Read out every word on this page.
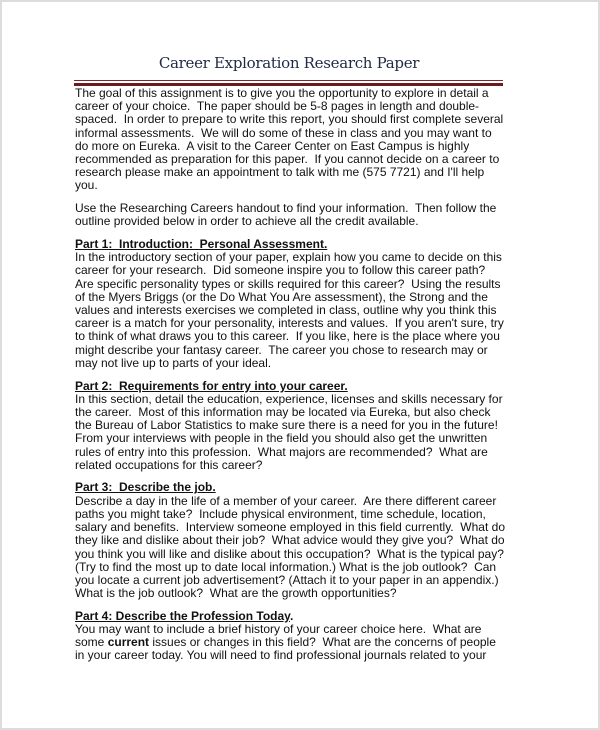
Career Exploration Research Paper

The goal of this assignment is to give you the opportunity to explore in detail a
career of your choice.  The paper should be 5-8 pages in length and double-
spaced.  In order to prepare to write this report, you should first complete several
informal assessments.  We will do some of these in class and you may want to
do more on Eureka.  A visit to the Career Center on East Campus is highly
recommended as preparation for this paper.  If you cannot decide on a career to
research please make an appointment to talk with me (575 7721) and I'll help
you.

Use the Researching Careers handout to find your information.  Then follow the
outline provided below in order to achieve all the credit available.

Part 1:  Introduction:  Personal Assessment.
In the introductory section of your paper, explain how you came to decide on this
career for your research.  Did someone inspire you to follow this career path?
Are specific personality types or skills required for this career?  Using the results
of the Myers Briggs (or the Do What You Are assessment), the Strong and the
values and interests exercises we completed in class, outline why you think this
career is a match for your personality, interests and values.  If you aren't sure, try
to think of what draws you to this career.  If you like, here is the place where you
might describe your fantasy career.  The career you chose to research may or
may not live up to parts of your ideal.
Part 2:  Requirements for entry into your career.
In this section, detail the education, experience, licenses and skills necessary for
the career.  Most of this information may be located via Eureka, but also check
the Bureau of Labor Statistics to make sure there is a need for you in the future!
From your interviews with people in the field you should also get the unwritten
rules of entry into this profession.  What majors are recommended?  What are
related occupations for this career?
Part 3:  Describe the job.
Describe a day in the life of a member of your career.  Are there different career
paths you might take?  Include physical environment, time schedule, location,
salary and benefits.  Interview someone employed in this field currently.  What do
they like and dislike about their job?  What advice would they give you?  What do
you think you will like and dislike about this occupation?  What is the typical pay?
(Try to find the most up to date local information.) What is the job outlook?  Can
you locate a current job advertisement? (Attach it to your paper in an appendix.)
What is the job outlook?  What are the growth opportunities?
Part 4: Describe the Profession Today.
You may want to include a brief history of your career choice here.  What are
some current issues or changes in this field?  What are the concerns of people
in your career today. You will need to find professional journals related to your
